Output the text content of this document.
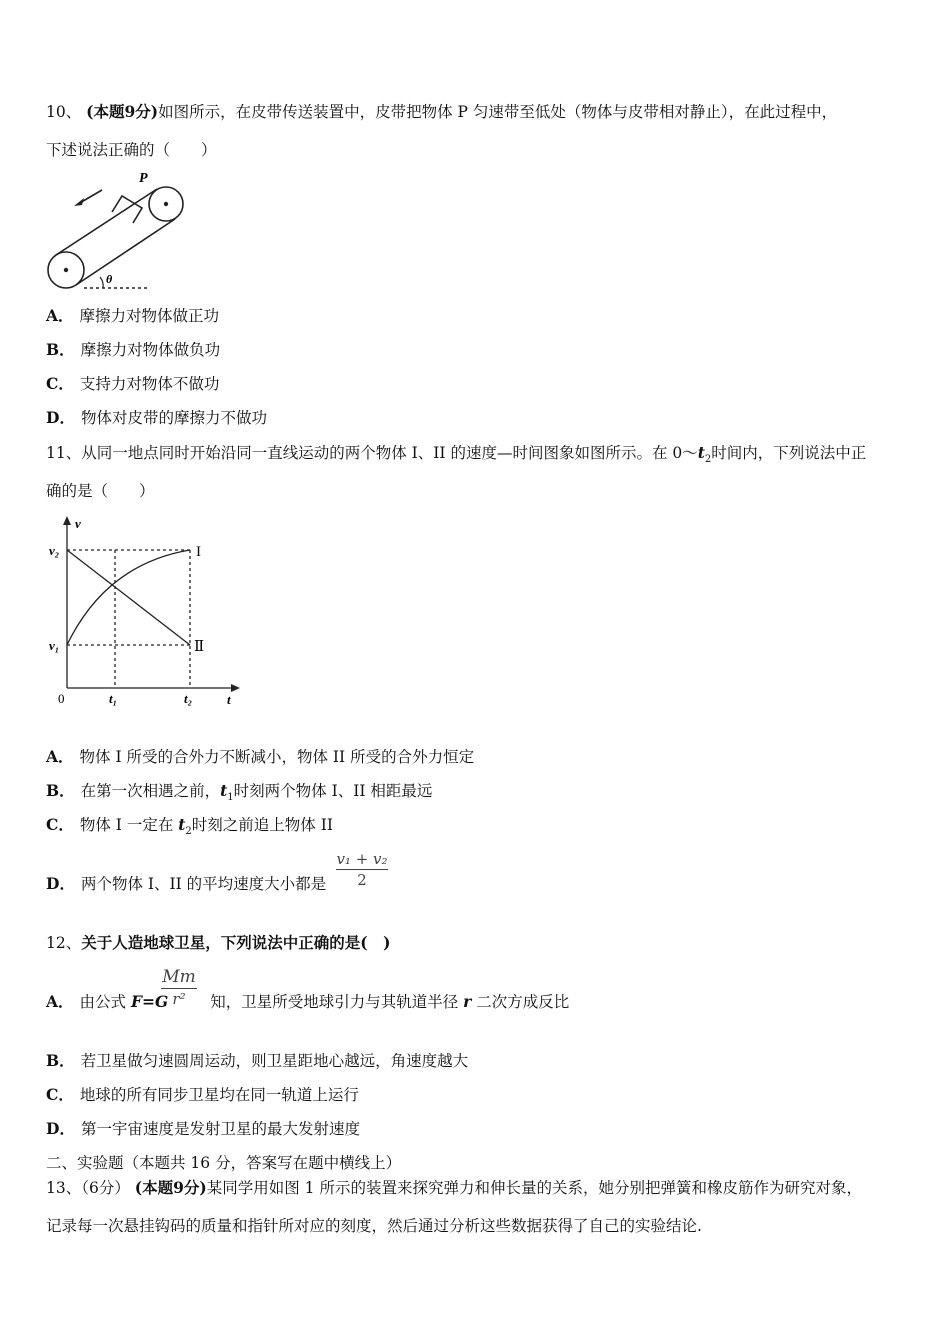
10、 (本题9分)如图所示，在皮带传送装置中，皮带把物体 P 匀速带至低处（物体与皮带相对静止），在此过程中，
下述说法正确的（　　）
P
θ
A． 摩擦力对物体做正功
B． 摩擦力对物体做负功
C． 支持力对物体不做功
D． 物体对皮带的摩擦力不做功
11、从同一地点同时开始沿同一直线运动的两个物体 I、II 的速度—时间图象如图所示。在 $0\sim t_2$时间内，下列说法中正
确的是（　　）
v
t
0
v₂
v₁
t₁	t₂
I
Ⅱ
A． 物体 I 所受的合外力不断减小，物体 II 所受的合外力恒定
B． 在第一次相遇之前，$t_1$时刻两个物体 I、II 相距最远
C． 物体 I 一定在 $t_2$时刻之前追上物体 II
D． 两个物体 I、II 的平均速度大小都是
v₁ + v₂
2
12、关于人造地球卫星，下列说法中正确的是(　)
A． 由公式 F=G	知，卫星所受地球引力与其轨道半径 r 二次方成反比
Mm
r²
B． 若卫星做匀速圆周运动，则卫星距地心越远，角速度越大
C． 地球的所有同步卫星均在同一轨道上运行
D． 第一宇宙速度是发射卫星的最大发射速度
二、实验题（本题共 16 分，答案写在题中横线上）
13、（6分） (本题9分)某同学用如图 1 所示的装置来探究弹力和伸长量的关系，她分别把弹簧和橡皮筋作为研究对象，
记录每一次悬挂钩码的质量和指针所对应的刻度，然后通过分析这些数据获得了自己的实验结论.
